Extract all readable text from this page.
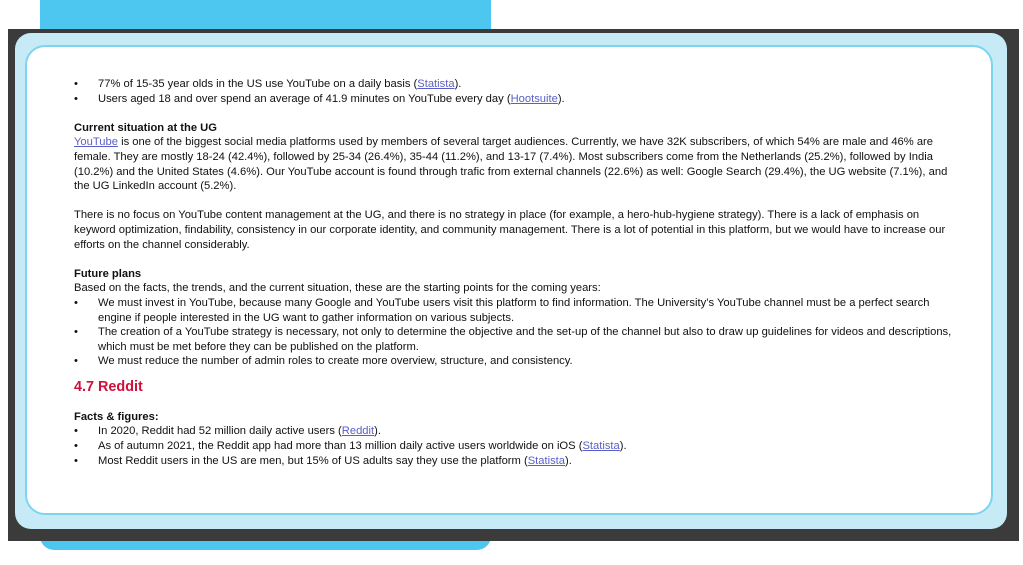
• 77% of 15-35 year olds in the US use YouTube on a daily basis (Statista).
• Users aged 18 and over spend an average of 41.9 minutes on YouTube every day (Hootsuite).
Current situation at the UG
YouTube is one of the biggest social media platforms used by members of several target audiences. Currently, we have 32K subscribers, of which 54% are male and 46% are female. They are mostly 18-24 (42.4%), followed by 25-34 (26.4%), 35-44 (11.2%), and 13-17 (7.4%). Most subscribers come from the Netherlands (25.2%), followed by India (10.2%) and the United States (4.6%). Our YouTube account is found through trafic from external channels (22.6%) as well: Google Search (29.4%), the UG website (7.1%), and the UG LinkedIn account (5.2%).
There is no focus on YouTube content management at the UG, and there is no strategy in place (for example, a hero-hub-hygiene strategy). There is a lack of emphasis on keyword optimization, findability, consistency in our corporate identity, and community management. There is a lot of potential in this platform, but we would have to increase our efforts on the channel considerably.
Future plans
Based on the facts, the trends, and the current situation, these are the starting points for the coming years:
• We must invest in YouTube, because many Google and YouTube users visit this platform to find information. The University’s YouTube channel must be a perfect search engine if people interested in the UG want to gather information on various subjects.
• The creation of a YouTube strategy is necessary, not only to determine the objective and the set-up of the channel but also to draw up guidelines for videos and descriptions, which must be met before they can be published on the platform.
• We must reduce the number of admin roles to create more overview, structure, and consistency.
4.7 Reddit
Facts & figures:
• In 2020, Reddit had 52 million daily active users (Reddit).
• As of autumn 2021, the Reddit app had more than 13 million daily active users worldwide on iOS (Statista).
• Most Reddit users in the US are men, but 15% of US adults say they use the platform (Statista).
